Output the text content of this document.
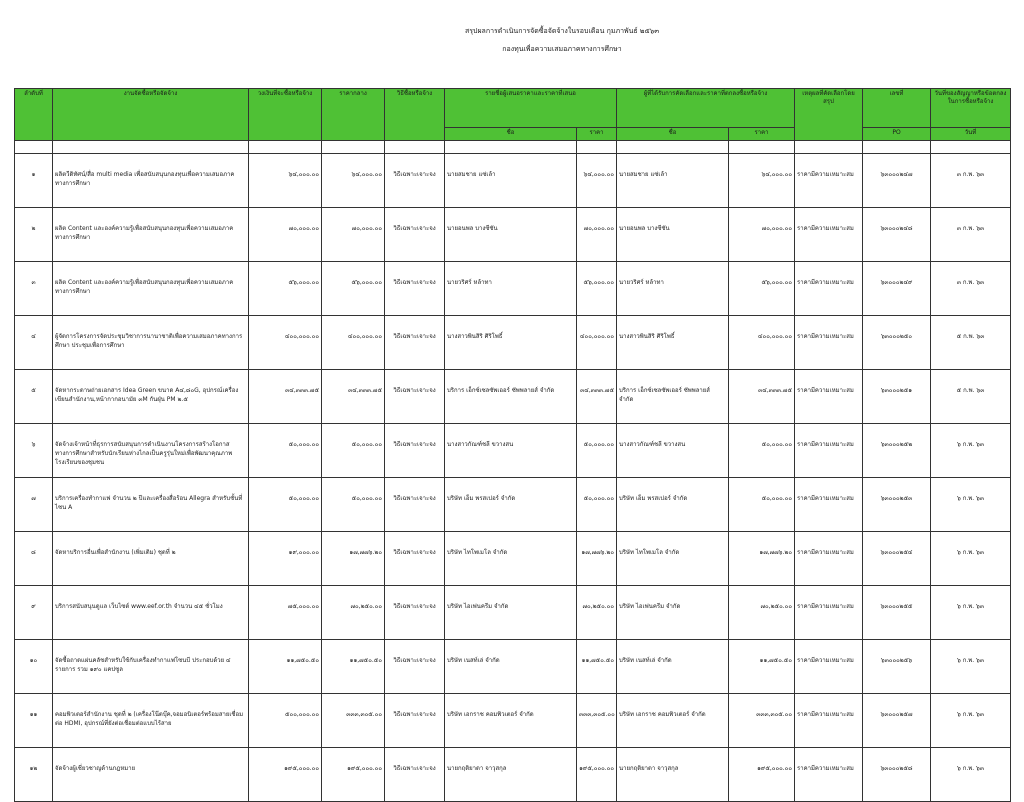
สรุปผลการดำเนินการจัดซื้อจัดจ้างในรอบเดือน กุมภาพันธ์ ๒๕๖๓
กองทุนเพื่อความเสมอภาคทางการศึกษา
ลำดับที่	งานจัดซื้อหรือจัดจ้าง	วงเงินที่จะซื้อหรือจ้าง	ราคากลาง	วิธีซื้อหรือจ้าง	รายชื่อผู้เสนอราคาและราคาที่เสนอ		ผู้ที่ได้รับการคัดเลือกและราคาที่ตกลงซื้อหรือจ้าง		เหตุผลที่คัดเลือกโดยสรุป	เลขที่	วันที่ของสัญญาหรือข้อตกลงในการซื้อหรือจ้าง
					ชื่อ	ราคา	ชื่อ	ราคา		PO	วันที่

๑	ผลิตวีดิทัศน์/สื่อ multi media เพื่อสนับสนุนกองทุนเพื่อความเสมอภาคทางการศึกษา	๖๔,๐๐๐.๐๐	๖๔,๐๐๐.๐๐	วิธีเฉพาะเจาะจง	นายสมชาย แซ่เล้า	๖๔,๐๐๐.๐๐	นายสมชาย แซ่เล้า	๖๔,๐๐๐.๐๐	ราคามีความเหมาะสม	๖๓๐๐๐๒๔๗	๓ ก.พ. ๖๓
๒	ผลิต Content และองค์ความรู้เพื่อสนับสนุนกองทุนเพื่อความเสมอภาคทางการศึกษา	๗๐,๐๐๐.๐๐	๗๐,๐๐๐.๐๐	วิธีเฉพาะเจาะจง	นายอนพล บางซีชัน	๗๐,๐๐๐.๐๐	นายอนพล บางซีชัน	๗๐,๐๐๐.๐๐	ราคามีความเหมาะสม	๖๓๐๐๐๒๔๘	๓ ก.พ. ๖๓
๓	ผลิต Content และองค์ความรู้เพื่อสนับสนุนกองทุนเพื่อความเสมอภาคทางการศึกษา	๕๖,๐๐๐.๐๐	๕๖,๐๐๐.๐๐	วิธีเฉพาะเจาะจง	นายวริศร์ หล้าทา	๕๖,๐๐๐.๐๐	นายวริศร์ หล้าทา	๕๖,๐๐๐.๐๐	ราคามีความเหมาะสม	๖๓๐๐๐๒๔๙	๓ ก.พ. ๖๓
๔	ผู้จัดการโครงการจัดประชุมวิชาการนานาชาติเพื่อความเสมอภาคทางการศึกษา ประชุมเพื่อการศึกษา	๔๐๐,๐๐๐.๐๐	๔๐๐,๐๐๐.๐๐	วิธีเฉพาะเจาะจง	นางสาวพินสิริ ศิริโพธิ์	๔๐๐,๐๐๐.๐๐	นางสาวพินสิริ ศิริโพธิ์	๔๐๐,๐๐๐.๐๐	ราคามีความเหมาะสม	๖๓๐๐๐๒๕๐	๕ ก.พ. ๖๓
๕	จัดหากระดาษถ่ายเอกสาร Idea Green ขนาด A๔,๘๐G, อุปกรณ์เครื่องเขียนสำนักงาน,หน้ากากอนามัย ๓M กันฝุ่น PM ๒.๕	๓๔,๓๓๓.๗๕	๓๔,๓๓๓.๗๕	วิธีเฉพาะเจาะจง	บริการ เอ็กซ์เซลซัพเออร์ ซัพพลายส์ จำกัด	๓๔,๓๓๓.๗๕	บริการ เอ็กซ์เซลซัพเออร์ ซัพพลายส์ จำกัด	๓๔,๓๓๓.๗๕	ราคามีความเหมาะสม	๖๓๐๐๐๒๕๑	๕ ก.พ. ๖๓
๖	จัดจ้างเจ้าหน้าที่ธุรการสนับสนุนการดำเนินงานโครงการสร้างโอกาสทางการศึกษาสำหรับนักเรียนห่างไกลเป็นครูรุ่นใหม่เพื่อพัฒนาคุณภาพโรงเรียนของชุมชน	๕๐,๐๐๐.๐๐	๕๐,๐๐๐.๐๐	วิธีเฉพาะเจาะจง	นางสาวกัณฑ์ชลี ขวางสน	๕๐,๐๐๐.๐๐	นางสาวกัณฑ์ชลี ขวางสน	๕๐,๐๐๐.๐๐	ราคามีความเหมาะสม	๖๓๐๐๐๒๕๒	๖ ก.พ. ๖๓
๗	บริการเครื่องทำกาแฟ จำนวน ๒ ปีและเครื่องสื่อร้อน Allegra สำหรับชั้นที่ไซน A	๕๐,๐๐๐.๐๐	๕๐,๐๐๐.๐๐	วิธีเฉพาะเจาะจง	บริษัท เอ็ม พรสเปอร์ จำกัด	๕๐,๐๐๐.๐๐	บริษัท เอ็ม พรสเปอร์ จำกัด	๕๐,๐๐๐.๐๐	ราคามีความเหมาะสม	๖๓๐๐๐๒๕๓	๖ ก.พ. ๖๓
๘	จัดหาบริการอื่นเพื่อสำนักงาน (เพิ่มเติม) ชุดที่ ๒	๑๙,๐๐๐.๐๐	๑๗,๗๗๖.๒๐	วิธีเฉพาะเจาะจง	บริษัท ไทโพเมโล จำกัด	๑๗,๗๗๖.๒๐	บริษัท ไทโพเมโล จำกัด	๑๗,๗๗๖.๒๐	ราคามีความเหมาะสม	๖๓๐๐๐๒๕๔	๖ ก.พ. ๖๓
๙	บริการสนับสนุนดูแล เว็บไซต์ www.eef.or.th จำนวน ๔๕ ชั่วโมง	๗๕,๐๐๐.๐๐	๗๐,๒๕๐.๐๐	วิธีเฉพาะเจาะจง	บริษัท ไอเฟนครีม จำกัด	๗๐,๒๕๐.๐๐	บริษัท ไอเฟนครีม จำกัด	๗๐,๒๕๐.๐๐	ราคามีความเหมาะสม	๖๓๐๐๐๒๕๕	๖ ก.พ. ๖๓
๑๐	จัดซื้อถาดแผ่นคลัชสำหรับใช้กับเครื่องทำกาแฟโซนบี ประกอบด้วย ๔ รายการ รวม ๑๙๐ แคปซูล	๑๑,๗๕๐.๕๐	๑๑,๗๕๐.๕๐	วิธีเฉพาะเจาะจง	บริษัท เนสท์เล่ จำกัด	๑๑,๗๕๐.๕๐	บริษัท เนสท์เล่ จำกัด	๑๑,๗๕๐.๕๐	ราคามีความเหมาะสม	๖๓๐๐๐๒๕๖	๖ ก.พ. ๖๓
๑๑	คอมพิวเตอร์สำนักงาน ชุดที่ ๒ (เครื่องโน๊ตบุ๊ค,จอมอนิเตอร์พร้อมสายเชื่อมต่อ HDMI, อุปกรณ์ที่ยังต่อเชื่อมต่อแบบไร้สาย	๕๐๐,๐๐๐.๐๐	๓๓๓,๓๐๕.๐๐	วิธีเฉพาะเจาะจง	บริษัท เอกราช คอมพิวเตอร์ จำกัด	๓๓๓,๓๐๕.๐๐	บริษัท เอกราช คอมพิวเตอร์ จำกัด	๓๓๓,๓๐๕.๐๐	ราคามีความเหมาะสม	๖๓๐๐๐๒๕๗	๖ ก.พ. ๖๓
๑๒	จัดจ้างผู้เชี่ยวชาญด้านกฎหมาย	๑๙๕,๐๐๐.๐๐	๑๙๕,๐๐๐.๐๐	วิธีเฉพาะเจาะจง	นายกฤติยาดา จาวุสกุล	๑๙๕,๐๐๐.๐๐	นายกฤติยาดา จาวุสกุล	๑๙๕,๐๐๐.๐๐	ราคามีความเหมาะสม	๖๓๐๐๐๒๕๘	๖ ก.พ. ๖๓
